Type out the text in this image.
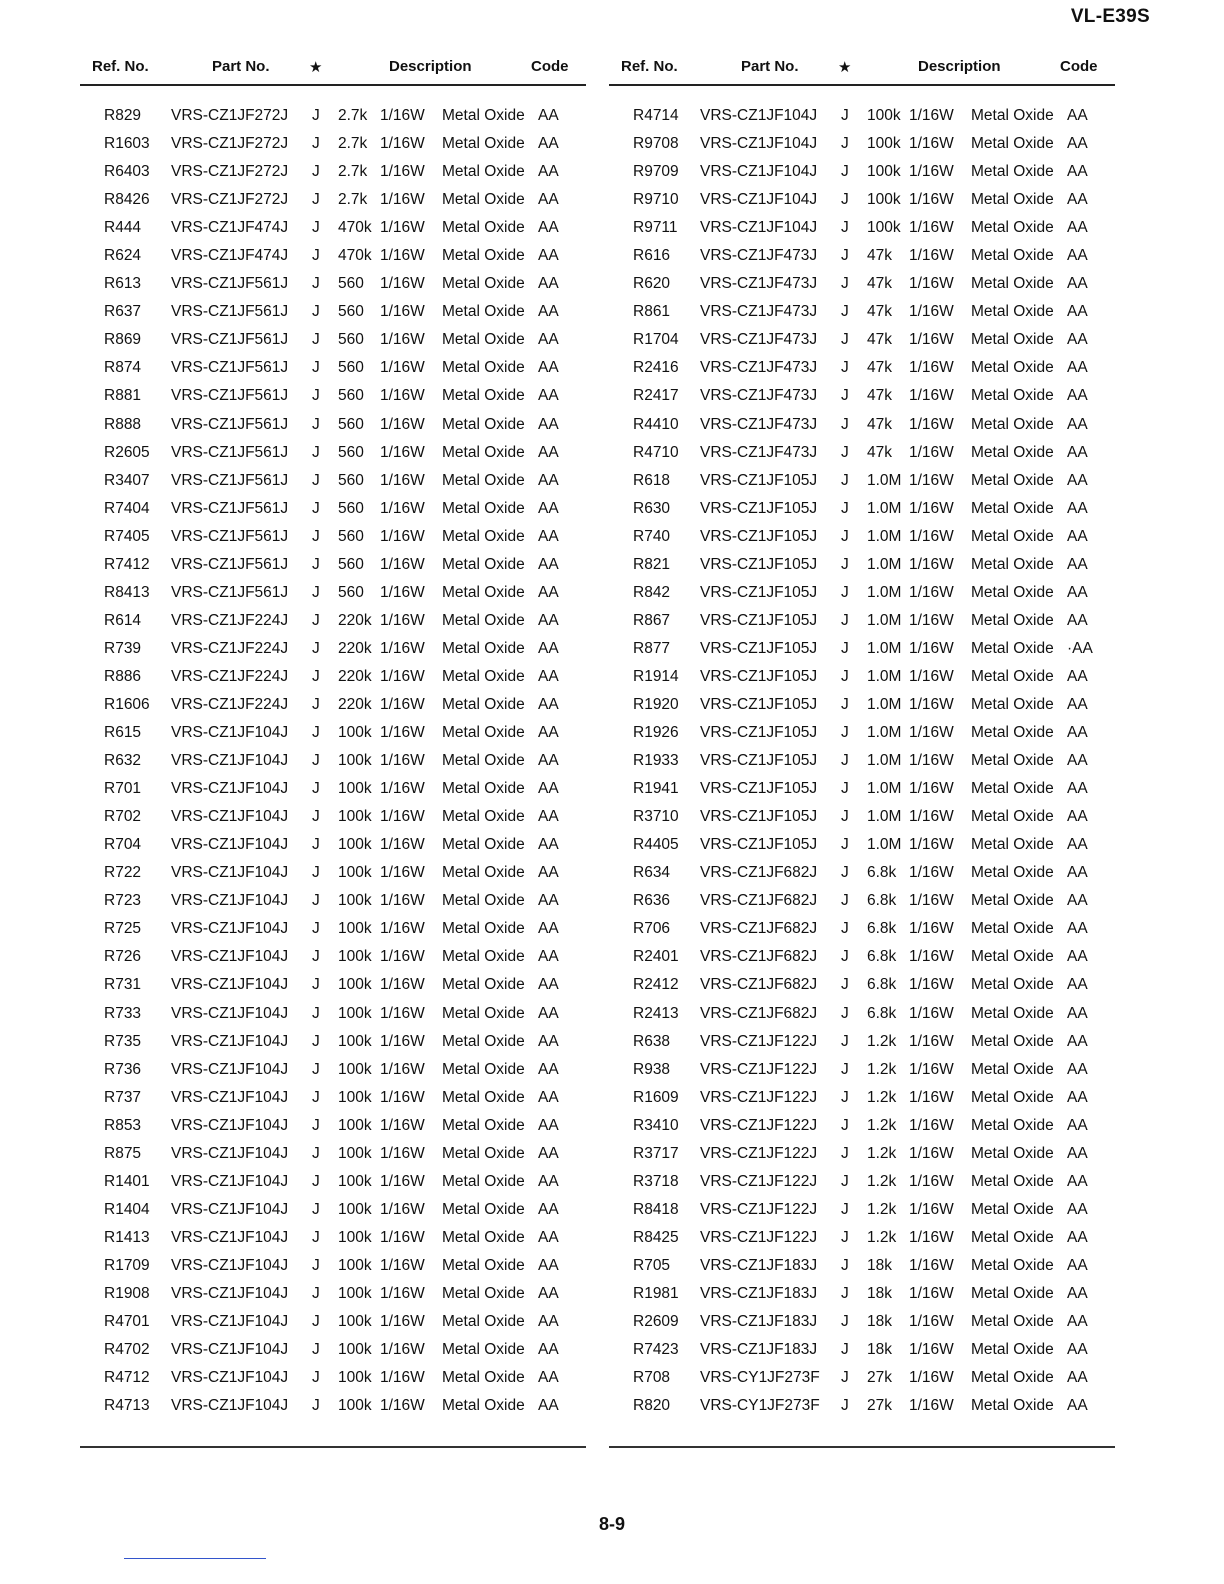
VL-E39S
Ref. No.	Part No.	★	Description	Code
R829 VRS-CZ1JF272J J 2.7k 1/16W Metal Oxide AA
R1603 VRS-CZ1JF272J J 2.7k 1/16W Metal Oxide AA
R6403 VRS-CZ1JF272J J 2.7k 1/16W Metal Oxide AA
R8426 VRS-CZ1JF272J J 2.7k 1/16W Metal Oxide AA
R444 VRS-CZ1JF474J J 470k 1/16W Metal Oxide AA
R624 VRS-CZ1JF474J J 470k 1/16W Metal Oxide AA
R613 VRS-CZ1JF561J J 560 1/16W Metal Oxide AA
R637 VRS-CZ1JF561J J 560 1/16W Metal Oxide AA
R869 VRS-CZ1JF561J J 560 1/16W Metal Oxide AA
R874 VRS-CZ1JF561J J 560 1/16W Metal Oxide AA
R881 VRS-CZ1JF561J J 560 1/16W Metal Oxide AA
R888 VRS-CZ1JF561J J 560 1/16W Metal Oxide AA
R2605 VRS-CZ1JF561J J 560 1/16W Metal Oxide AA
R3407 VRS-CZ1JF561J J 560 1/16W Metal Oxide AA
R7404 VRS-CZ1JF561J J 560 1/16W Metal Oxide AA
R7405 VRS-CZ1JF561J J 560 1/16W Metal Oxide AA
R7412 VRS-CZ1JF561J J 560 1/16W Metal Oxide AA
R8413 VRS-CZ1JF561J J 560 1/16W Metal Oxide AA
R614 VRS-CZ1JF224J J 220k 1/16W Metal Oxide AA
R739 VRS-CZ1JF224J J 220k 1/16W Metal Oxide AA
R886 VRS-CZ1JF224J J 220k 1/16W Metal Oxide AA
R1606 VRS-CZ1JF224J J 220k 1/16W Metal Oxide AA
R615 VRS-CZ1JF104J J 100k 1/16W Metal Oxide AA
R632 VRS-CZ1JF104J J 100k 1/16W Metal Oxide AA
R701 VRS-CZ1JF104J J 100k 1/16W Metal Oxide AA
R702 VRS-CZ1JF104J J 100k 1/16W Metal Oxide AA
R704 VRS-CZ1JF104J J 100k 1/16W Metal Oxide AA
R722 VRS-CZ1JF104J J 100k 1/16W Metal Oxide AA
R723 VRS-CZ1JF104J J 100k 1/16W Metal Oxide AA
R725 VRS-CZ1JF104J J 100k 1/16W Metal Oxide AA
R726 VRS-CZ1JF104J J 100k 1/16W Metal Oxide AA
R731 VRS-CZ1JF104J J 100k 1/16W Metal Oxide AA
R733 VRS-CZ1JF104J J 100k 1/16W Metal Oxide AA
R735 VRS-CZ1JF104J J 100k 1/16W Metal Oxide AA
R736 VRS-CZ1JF104J J 100k 1/16W Metal Oxide AA
R737 VRS-CZ1JF104J J 100k 1/16W Metal Oxide AA
R853 VRS-CZ1JF104J J 100k 1/16W Metal Oxide AA
R875 VRS-CZ1JF104J J 100k 1/16W Metal Oxide AA
R1401 VRS-CZ1JF104J J 100k 1/16W Metal Oxide AA
R1404 VRS-CZ1JF104J J 100k 1/16W Metal Oxide AA
R1413 VRS-CZ1JF104J J 100k 1/16W Metal Oxide AA
R1709 VRS-CZ1JF104J J 100k 1/16W Metal Oxide AA
R1908 VRS-CZ1JF104J J 100k 1/16W Metal Oxide AA
R4701 VRS-CZ1JF104J J 100k 1/16W Metal Oxide AA
R4702 VRS-CZ1JF104J J 100k 1/16W Metal Oxide AA
R4712 VRS-CZ1JF104J J 100k 1/16W Metal Oxide AA
R4713 VRS-CZ1JF104J J 100k 1/16W Metal Oxide AA
Ref. No.	Part No.	★	Description	Code
R4714 VRS-CZ1JF104J J 100k 1/16W Metal Oxide AA
R9708 VRS-CZ1JF104J J 100k 1/16W Metal Oxide AA
R9709 VRS-CZ1JF104J J 100k 1/16W Metal Oxide AA
R9710 VRS-CZ1JF104J J 100k 1/16W Metal Oxide AA
R9711 VRS-CZ1JF104J J 100k 1/16W Metal Oxide AA
R616 VRS-CZ1JF473J J 47k 1/16W Metal Oxide AA
R620 VRS-CZ1JF473J J 47k 1/16W Metal Oxide AA
R861 VRS-CZ1JF473J J 47k 1/16W Metal Oxide AA
R1704 VRS-CZ1JF473J J 47k 1/16W Metal Oxide AA
R2416 VRS-CZ1JF473J J 47k 1/16W Metal Oxide AA
R2417 VRS-CZ1JF473J J 47k 1/16W Metal Oxide AA
R4410 VRS-CZ1JF473J J 47k 1/16W Metal Oxide AA
R4710 VRS-CZ1JF473J J 47k 1/16W Metal Oxide AA
R618 VRS-CZ1JF105J J 1.0M 1/16W Metal Oxide AA
R630 VRS-CZ1JF105J J 1.0M 1/16W Metal Oxide AA
R740 VRS-CZ1JF105J J 1.0M 1/16W Metal Oxide AA
R821 VRS-CZ1JF105J J 1.0M 1/16W Metal Oxide AA
R842 VRS-CZ1JF105J J 1.0M 1/16W Metal Oxide AA
R867 VRS-CZ1JF105J J 1.0M 1/16W Metal Oxide AA
R877 VRS-CZ1JF105J J 1.0M 1/16W Metal Oxide ·AA
R1914 VRS-CZ1JF105J J 1.0M 1/16W Metal Oxide AA
R1920 VRS-CZ1JF105J J 1.0M 1/16W Metal Oxide AA
R1926 VRS-CZ1JF105J J 1.0M 1/16W Metal Oxide AA
R1933 VRS-CZ1JF105J J 1.0M 1/16W Metal Oxide AA
R1941 VRS-CZ1JF105J J 1.0M 1/16W Metal Oxide AA
R3710 VRS-CZ1JF105J J 1.0M 1/16W Metal Oxide AA
R4405 VRS-CZ1JF105J J 1.0M 1/16W Metal Oxide AA
R634 VRS-CZ1JF682J J 6.8k 1/16W Metal Oxide AA
R636 VRS-CZ1JF682J J 6.8k 1/16W Metal Oxide AA
R706 VRS-CZ1JF682J J 6.8k 1/16W Metal Oxide AA
R2401 VRS-CZ1JF682J J 6.8k 1/16W Metal Oxide AA
R2412 VRS-CZ1JF682J J 6.8k 1/16W Metal Oxide AA
R2413 VRS-CZ1JF682J J 6.8k 1/16W Metal Oxide AA
R638 VRS-CZ1JF122J J 1.2k 1/16W Metal Oxide AA
R938 VRS-CZ1JF122J J 1.2k 1/16W Metal Oxide AA
R1609 VRS-CZ1JF122J J 1.2k 1/16W Metal Oxide AA
R3410 VRS-CZ1JF122J J 1.2k 1/16W Metal Oxide AA
R3717 VRS-CZ1JF122J J 1.2k 1/16W Metal Oxide AA
R3718 VRS-CZ1JF122J J 1.2k 1/16W Metal Oxide AA
R8418 VRS-CZ1JF122J J 1.2k 1/16W Metal Oxide AA
R8425 VRS-CZ1JF122J J 1.2k 1/16W Metal Oxide AA
R705 VRS-CZ1JF183J J 18k 1/16W Metal Oxide AA
R1981 VRS-CZ1JF183J J 18k 1/16W Metal Oxide AA
R2609 VRS-CZ1JF183J J 18k 1/16W Metal Oxide AA
R7423 VRS-CZ1JF183J J 18k 1/16W Metal Oxide AA
R708 VRS-CY1JF273F J 27k 1/16W Metal Oxide AA
R820 VRS-CY1JF273F J 27k 1/16W Metal Oxide AA
8-9
